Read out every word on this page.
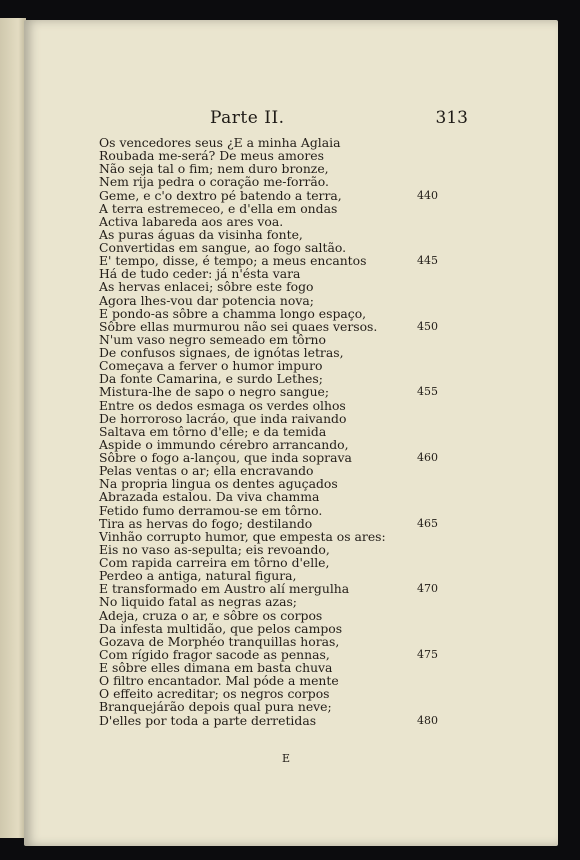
Parte II.	313
Os vencedores seus ¿E a minha Aglaia
Roubada me-será? De meus amores
Não seja tal o fim; nem duro bronze,
Nem rija pedra o coração me-forrão.
Geme, e c'o dextro pé batendo a terra,	440
A terra estremeceo, e d'ella em ondas
Activa labareda aos ares voa.
As puras águas da visinha fonte,
Convertidas em sangue, ao fogo saltão.
E' tempo, disse, é tempo; a meus encantos	445
Há de tudo ceder: já n'ésta vara
As hervas enlacei; sôbre este fogo
Agora lhes-vou dar potencia nova;
E pondo-as sôbre a chamma longo espaço,
Sôbre ellas murmurou não sei quaes versos.	450
N'um vaso negro semeado em tôrno
De confusos signaes, de ignótas letras,
Começava a ferver o humor impuro
Da fonte Camarina, e surdo Lethes;
Mistura-lhe de sapo o negro sangue;	455
Entre os dedos esmaga os verdes olhos
De horroroso lacráo, que inda raivando
Saltava em tôrno d'elle; e da temida
Aspide o immundo cérebro arrancando,
Sôbre o fogo a-lançou, que inda soprava	460
Pelas ventas o ar; ella encravando
Na propria lingua os dentes aguçados
Abrazada estalou. Da viva chamma
Fetido fumo derramou-se em tôrno.
Tira as hervas do fogo; destilando	465
Vinhão corrupto humor, que empesta os ares:
Eis no vaso as-sepulta; eis revoando,
Com rapida carreira em tôrno d'elle,
Perdeo a antiga, natural figura,
E transformado em Austro alí mergulha	470
No liquido fatal as negras azas;
Adeja, cruza o ar, e sôbre os corpos
Da infesta multidão, que pelos campos
Gozava de Morphéo tranquillas horas,
Com rígido fragor sacode as pennas,	475
E sôbre elles dimana em basta chuva
O filtro encantador. Mal póde a mente
O effeito acreditar; os negros corpos
Branquejárão depois qual pura neve;
D'elles por toda a parte derretidas	480
E
